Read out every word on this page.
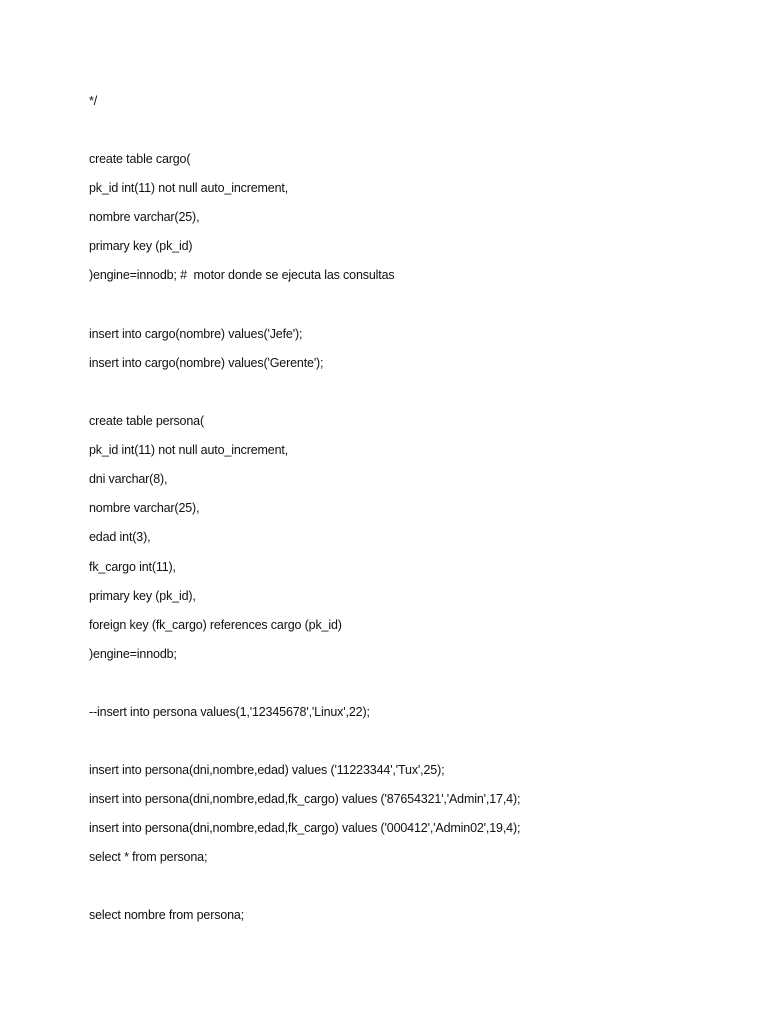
*/
create table cargo(
pk_id int(11) not null auto_increment,
nombre varchar(25),
primary key (pk_id)
)engine=innodb; #  motor donde se ejecuta las consultas
insert into cargo(nombre) values('Jefe');
insert into cargo(nombre) values('Gerente');
create table persona(
pk_id int(11) not null auto_increment,
dni varchar(8),
nombre varchar(25),
edad int(3),
fk_cargo int(11),
primary key (pk_id),
foreign key (fk_cargo) references cargo (pk_id)
)engine=innodb;
--insert into persona values(1,'12345678','Linux',22);
insert into persona(dni,nombre,edad) values ('11223344','Tux',25);
insert into persona(dni,nombre,edad,fk_cargo) values ('87654321','Admin',17,4);
insert into persona(dni,nombre,edad,fk_cargo) values ('000412','Admin02',19,4);
select * from persona;
select nombre from persona;
